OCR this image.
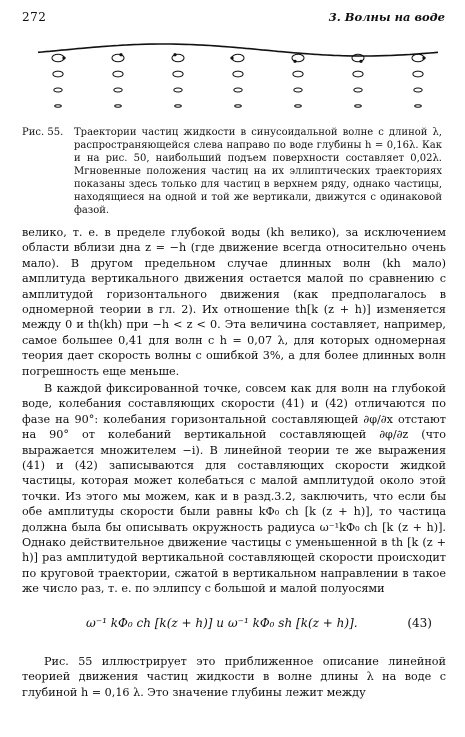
272	3. Волны на воде
Рис. 55.	Траектории частиц жидкости в синусоидальной волне с длиной λ, распространяющейся слева направо по воде глубины h = 0,16λ. Как и на рис. 50, наибольший подъем поверхности составляет 0,02λ. Мгновенные положения частиц на их эллиптических траекториях показаны здесь только для частиц в верхнем ряду, однако частицы, находящиеся на одной и той же вертикали, движутся с одинаковой фазой.

велико, т. е. в пределе глубокой воды (kh велико), за исключением области вблизи дна z = −h (где движение всегда относительно очень мало). В другом предельном случае длинных волн (kh мало) амплитуда вертикального движения остается малой по сравнению с амплитудой горизонтального движения (как предполагалось в одномерной теории в гл. 2). Их отношение th[k (z + h)] изменяется между 0 и th(kh) при −h < z < 0. Эта величина составляет, например, самое большее 0,41 для волн с h = 0,07 λ, для которых одномерная теория дает скорость волны с ошибкой 3%, а для более длинных волн погрешность еще меньше.

В каждой фиксированной точке, совсем как для волн на глубокой воде, колебания составляющих скорости (41) и (42) отличаются по фазе на 90°: колебания горизонтальной составляющей ∂φ/∂x отстают на 90° от колебаний вертикальной составляющей ∂φ/∂z (что выражается множителем −i). В линейной теории те же выражения (41) и (42) записываются для составляющих скорости жидкой частицы, которая может колебаться с малой амплитудой около этой точки. Из этого мы можем, как и в разд.3.2, заключить, что если бы обе амплитуды скорости были равны kΦ₀ ch [k (z + h)], то частица должна была бы описывать окружность радиуса ω⁻¹kΦ₀ ch [k (z + h)]. Однако действительное движение частицы с уменьшенной в th [k (z + h)] раз амплитудой вертикальной составляющей скорости происходит по круговой траектории, сжатой в вертикальном направлении в такое же число раз, т. е. по эллипсу с большой и малой полуосями

ω⁻¹ kΦ₀ ch [k(z + h)] и ω⁻¹ kΦ₀ sh [k(z + h)].	(43)

Рис. 55 иллюстрирует это приближенное описание линейной теорией движения частиц жидкости в волне длины λ на воде с глубиной h = 0,16 λ. Это значение глубины лежит между
